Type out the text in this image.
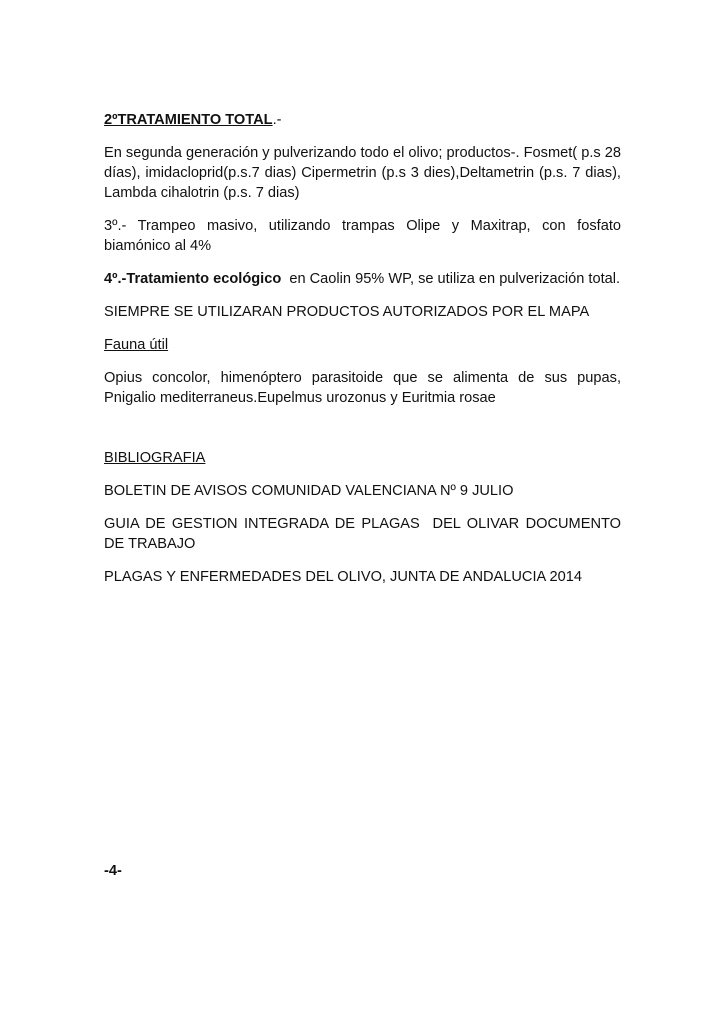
2ºTRATAMIENTO TOTAL.-

En segunda generación y pulverizando todo el olivo; productos-. Fosmet( p.s 28 días), imidacloprid(p.s.7 dias) Cipermetrin (p.s 3 dies),Deltametrin (p.s. 7 dias), Lambda cihalotrin (p.s. 7 dias)

3º.- Trampeo masivo, utilizando trampas Olipe y Maxitrap, con fosfato biamónico al 4%

4º.-Tratamiento ecológico  en Caolin 95% WP, se utiliza en pulverización total.

SIEMPRE SE UTILIZARAN PRODUCTOS AUTORIZADOS POR EL MAPA

Fauna útil

Opius concolor, himenóptero parasitoide que se alimenta de sus pupas, Pnigalio mediterraneus.Eupelmus urozonus y Euritmia rosae

BIBLIOGRAFIA

BOLETIN DE AVISOS COMUNIDAD VALENCIANA Nº 9 JULIO

GUIA DE GESTION INTEGRADA DE PLAGAS  DEL OLIVAR DOCUMENTO DE TRABAJO

PLAGAS Y ENFERMEDADES DEL OLIVO, JUNTA DE ANDALUCIA 2014

-4-
